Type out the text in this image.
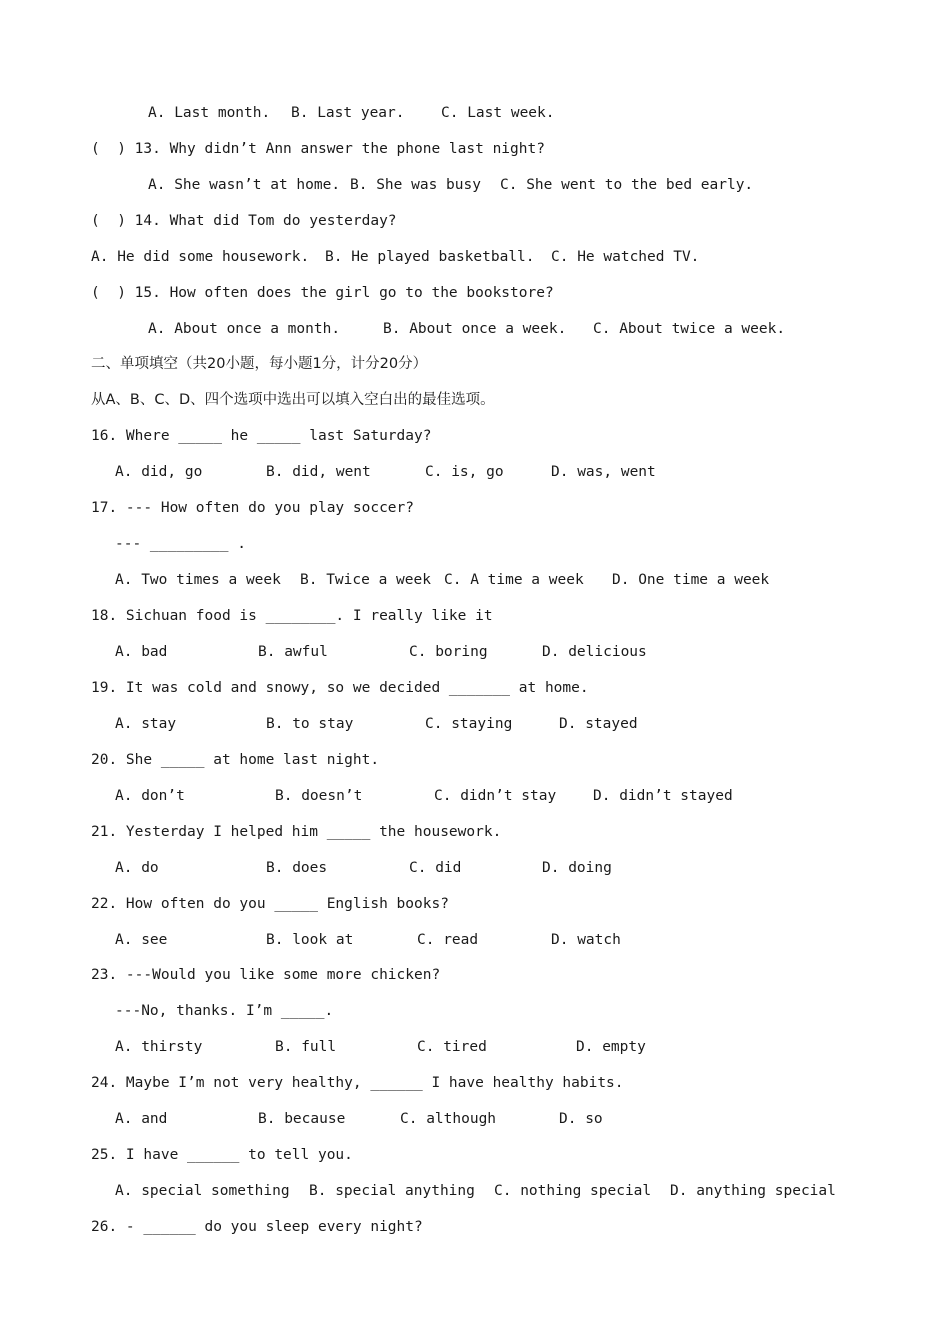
A. Last month. B. Last year.	C. Last week.
(  ) 13. Why didn’t Ann answer the phone last night?
A. She wasn’t at home. B. She was busy C. She went to the bed early.
(  ) 14. What did Tom do yesterday?
A. He did some housework. B. He played basketball. C. He watched TV.
(  ) 15. How often does the girl go to the bookstore?
A. About once a month.	B. About once a week. C. About twice a week.
二、单项填空（共20小题，每小题1分，计分20分）
从A、B、C、D、四个选项中选出可以填入空白出的最佳选项。
16. Where _____ he _____ last Saturday?
A. did, go	B. did, went	C. is, go	D. was, went
17. --- How often do you play soccer?
--- _________ .
A. Two times a week B. Twice a week C. A time a week D. One time a week
18. Sichuan food is ________. I really like it
A. bad	B. awful	C. boring	D. delicious
19. It was cold and snowy, so we decided _______ at home.
A. stay	B. to stay	C. staying	D. stayed
20. She _____ at home last night.
A. don’t	B. doesn’t	C. didn’t stay	D. didn’t stayed
21. Yesterday I helped him _____ the housework.
A. do	B. does	C. did	D. doing
22. How often do you _____ English books?
A. see	B. look at	C. read	D. watch
23. ---Would you like some more chicken?
---No, thanks. I’m _____.
A. thirsty	B. full	C. tired	D. empty
24. Maybe I’m not very healthy, ______ I have healthy habits.
A. and	B. because	C. although	D. so
25. I have ______ to tell you.
A. special something B. special anything C. nothing special D. anything special
26. - ______ do you sleep every night?
